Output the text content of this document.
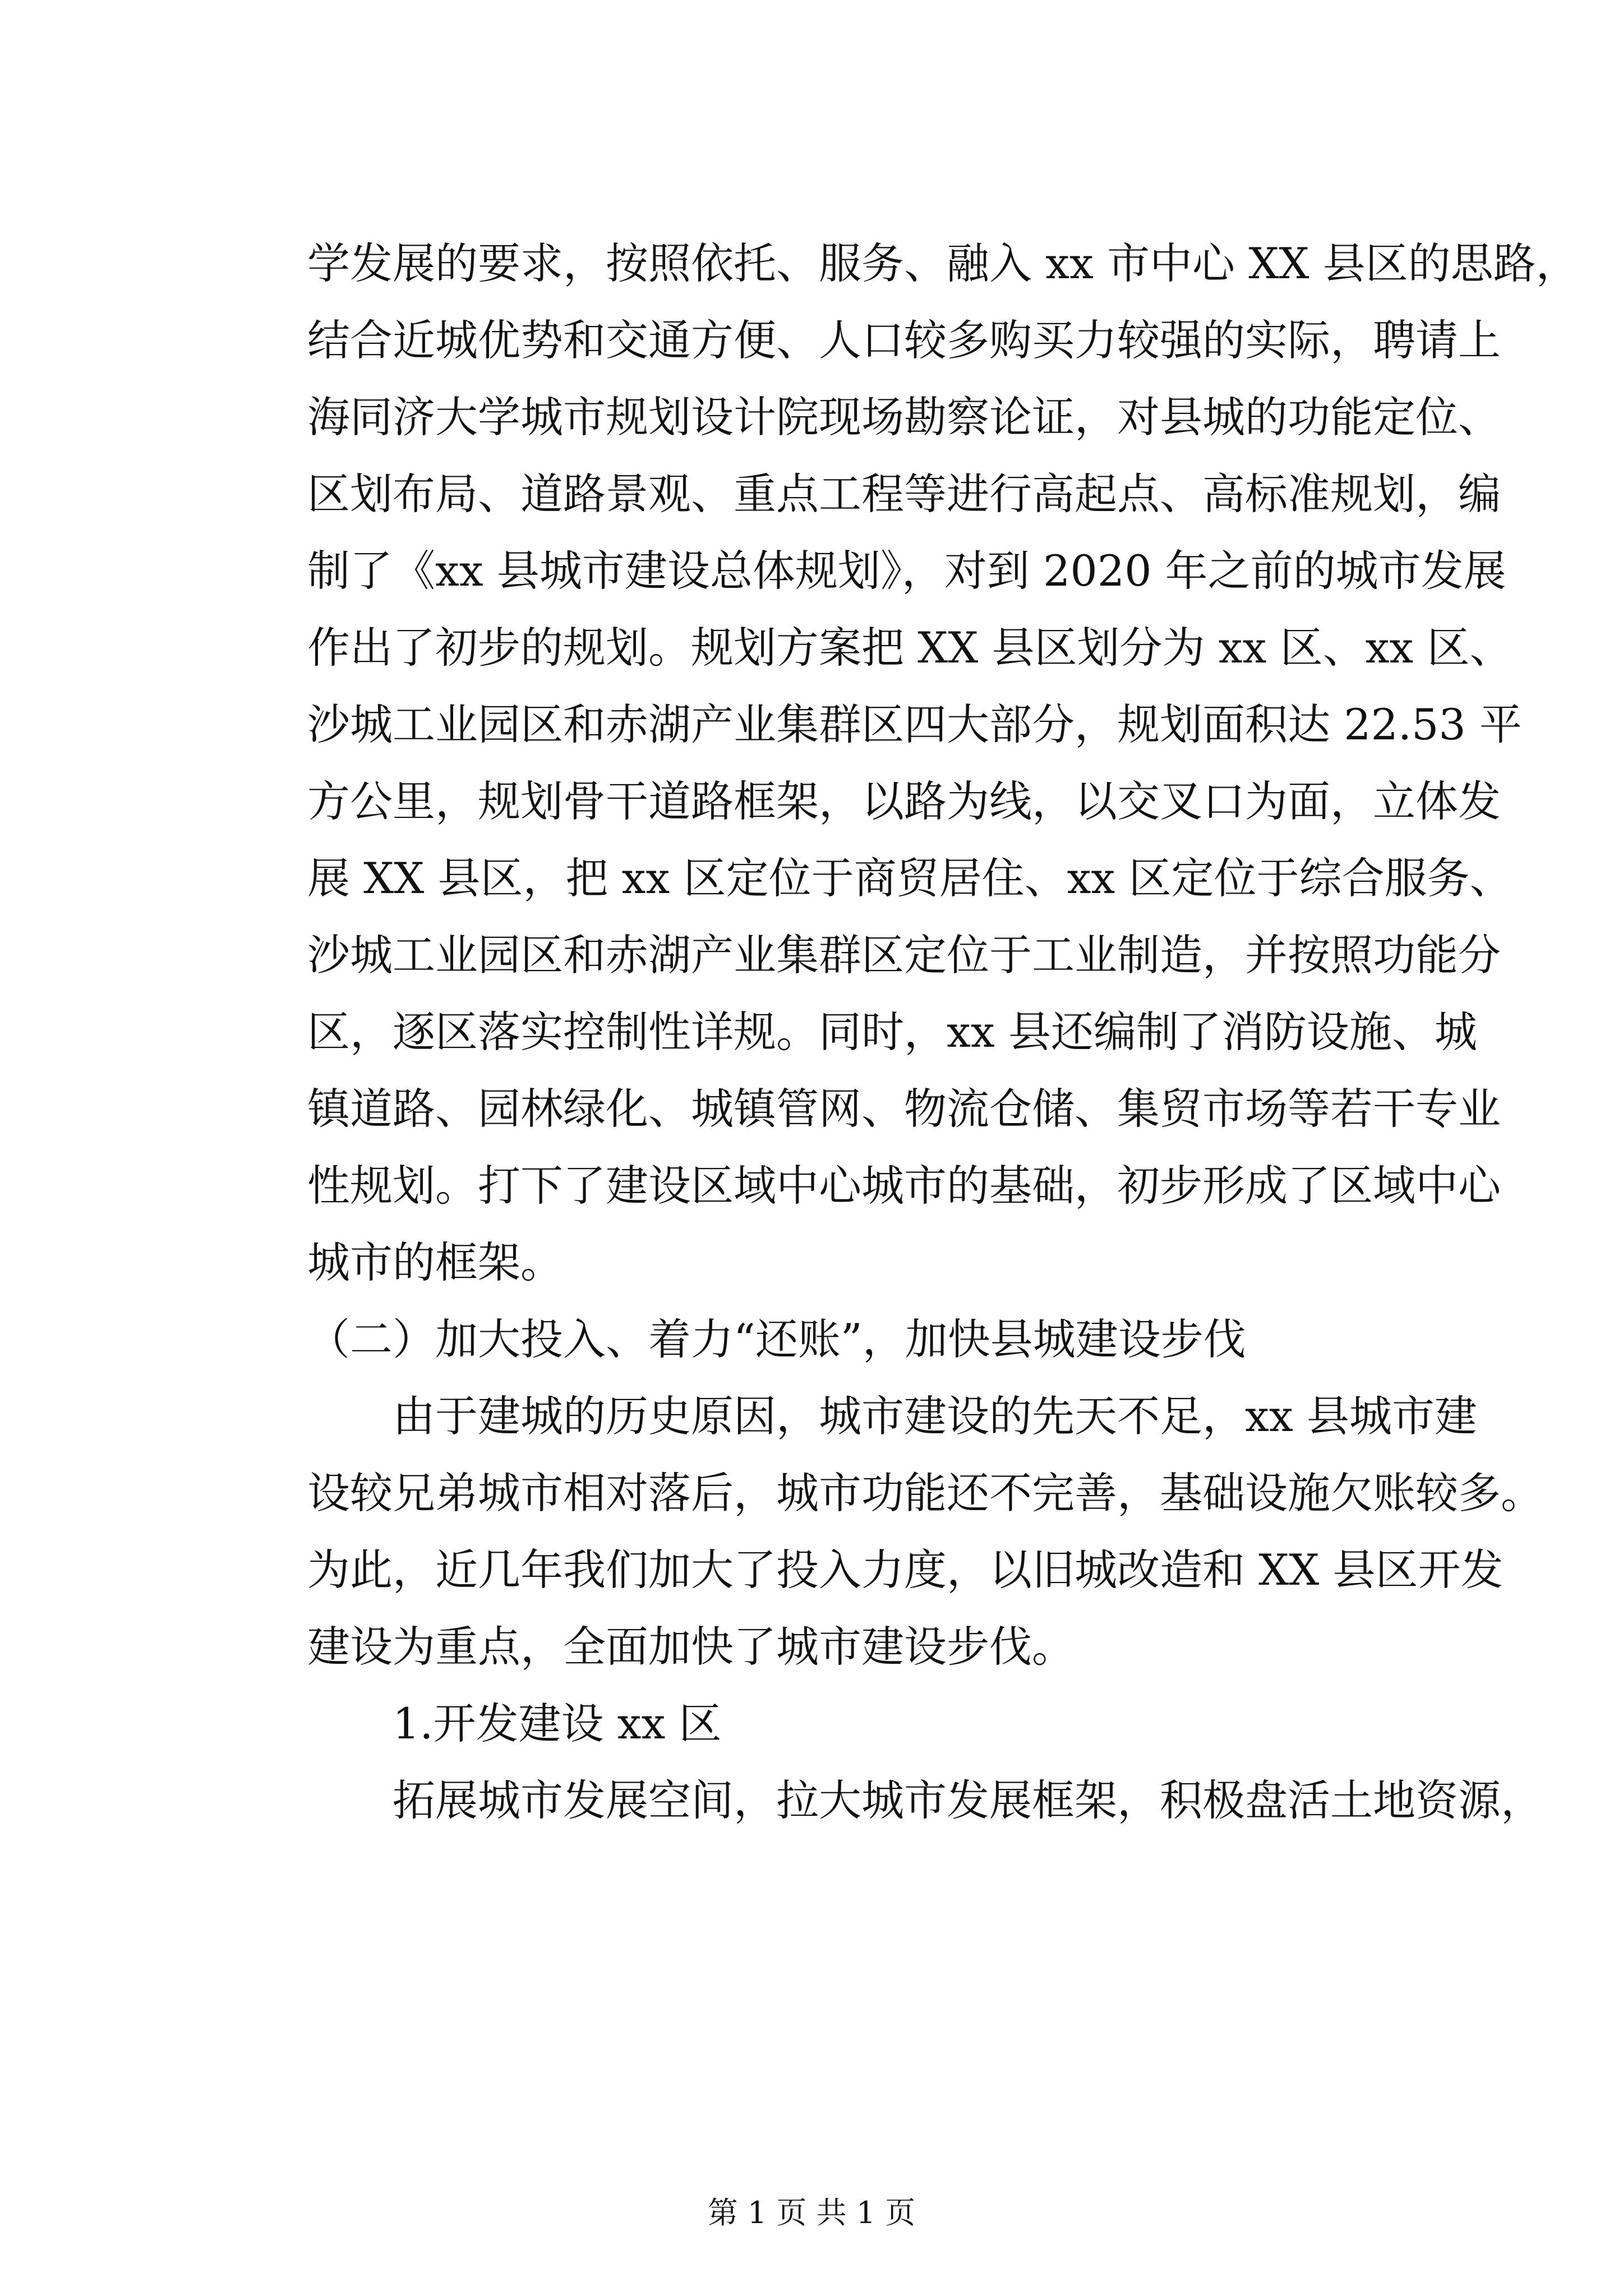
学发展的要求，按照依托、服务、融入 xx 市中心 XX 县区的思路，
结合近城优势和交通方便、人口较多购买力较强的实际，聘请上
海同济大学城市规划设计院现场勘察论证，对县城的功能定位、
区划布局、道路景观、重点工程等进行高起点、高标准规划，编
制了《xx 县城市建设总体规划》，对到 2020 年之前的城市发展
作出了初步的规划。规划方案把 XX 县区划分为 xx 区、xx 区、
沙城工业园区和赤湖产业集群区四大部分，规划面积达 22.53 平
方公里，规划骨干道路框架，以路为线，以交叉口为面，立体发
展 XX 县区，把 xx 区定位于商贸居住、xx 区定位于综合服务、
沙城工业园区和赤湖产业集群区定位于工业制造，并按照功能分
区，逐区落实控制性详规。同时，xx 县还编制了消防设施、城
镇道路、园林绿化、城镇管网、物流仓储、集贸市场等若干专业
性规划。打下了建设区域中心城市的基础，初步形成了区域中心
城市的框架。
（二）加大投入、着力“还账”，加快县城建设步伐
由于建城的历史原因，城市建设的先天不足，xx 县城市建
设较兄弟城市相对落后，城市功能还不完善，基础设施欠账较多。
为此，近几年我们加大了投入力度，以旧城改造和 XX 县区开发
建设为重点，全面加快了城市建设步伐。
1.开发建设 xx 区
拓展城市发展空间，拉大城市发展框架，积极盘活土地资源，
第 1 页 共 1 页
